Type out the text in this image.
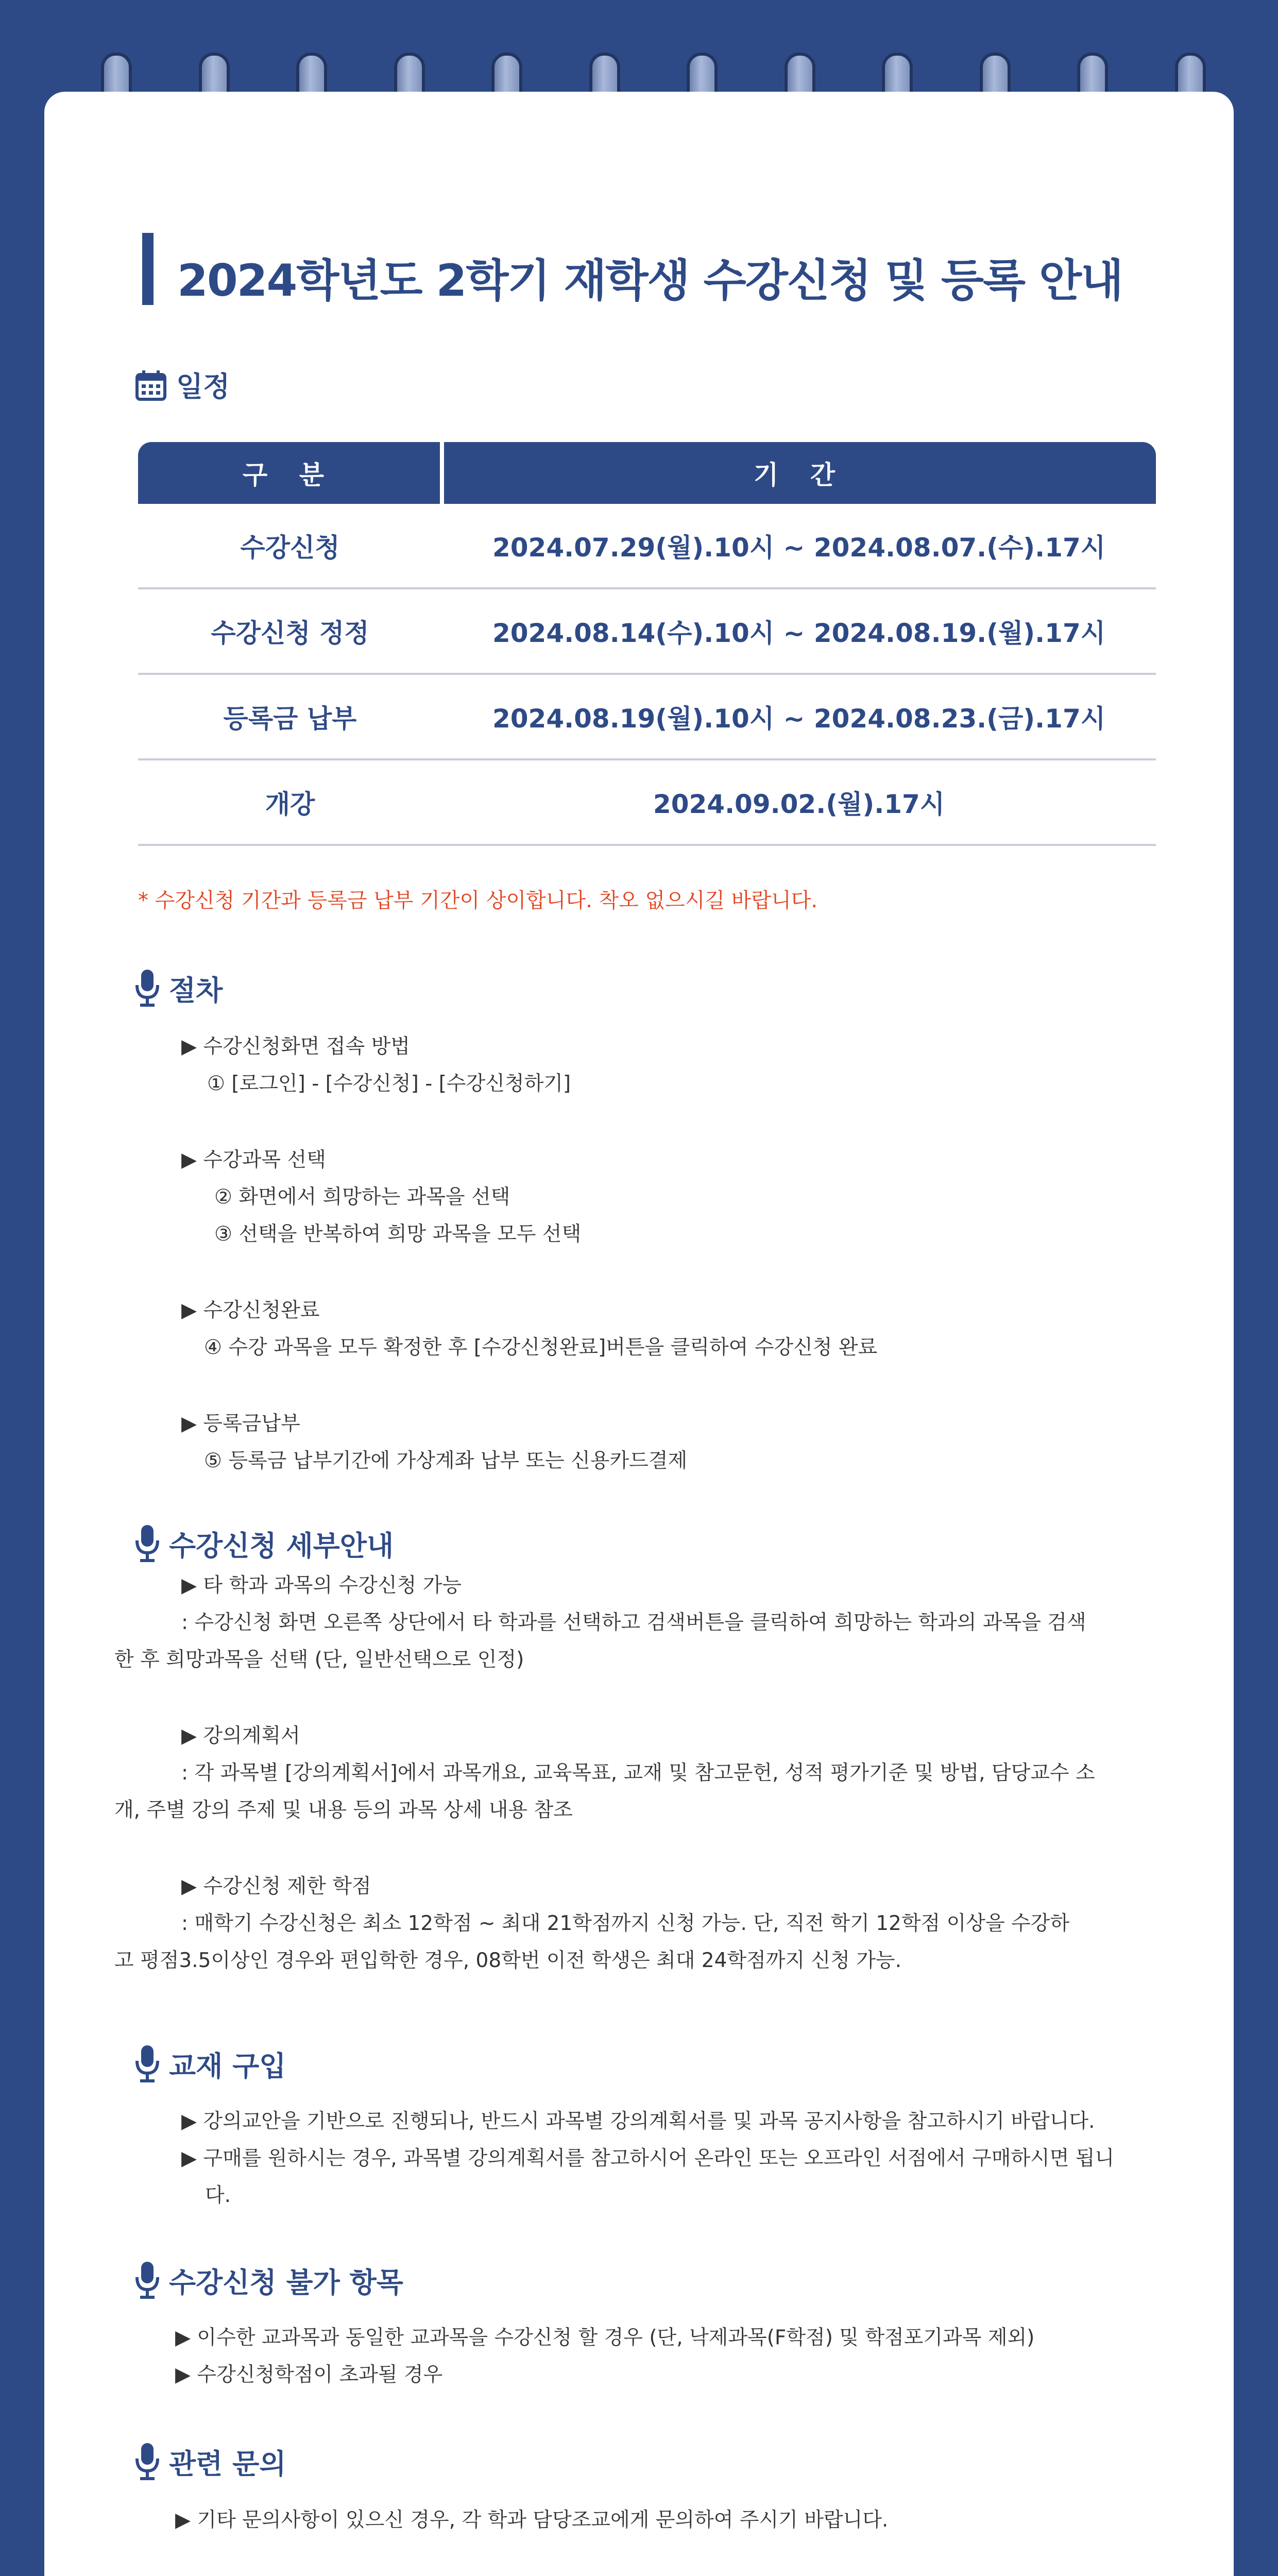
2024학년도 2학기 재학생 수강신청 및 등록 안내
일정
구 분	기 간
수강신청	2024.07.29(월).10시 ~ 2024.08.07.(수).17시
수강신청 정정	2024.08.14(수).10시 ~ 2024.08.19.(월).17시
등록금 납부	2024.08.19(월).10시 ~ 2024.08.23.(금).17시
개강	2024.09.02.(월).17시
* 수강신청 기간과 등록금 납부 기간이 상이합니다. 착오 없으시길 바랍니다.
절차
▶ 수강신청화면 접속 방법
① [로그인] - [수강신청] - [수강신청하기]
▶ 수강과목 선택
② 화면에서 희망하는 과목을 선택
③ 선택을 반복하여 희망 과목을 모두 선택
▶ 수강신청완료
④ 수강 과목을 모두 확정한 후 [수강신청완료]버튼을 클릭하여 수강신청 완료
▶ 등록금납부
⑤ 등록금 납부기간에 가상계좌 납부 또는 신용카드결제
수강신청 세부안내
▶ 타 학과 과목의 수강신청 가능
: 수강신청 화면 오른쪽 상단에서 타 학과를 선택하고 검색버튼을 클릭하여 희망하는 학과의 과목을 검색
한 후 희망과목을 선택 (단, 일반선택으로 인정)
▶ 강의계획서
: 각 과목별 [강의계획서]에서 과목개요, 교육목표, 교재 및 참고문헌, 성적 평가기준 및 방법, 담당교수 소
개, 주별 강의 주제 및 내용 등의 과목 상세 내용 참조
▶ 수강신청 제한 학점
: 매학기 수강신청은 최소 12학점 ~ 최대 21학점까지 신청 가능. 단, 직전 학기 12학점 이상을 수강하
고 평점3.5이상인 경우와 편입학한 경우, 08학번 이전 학생은 최대 24학점까지 신청 가능.
교재 구입
▶ 강의교안을 기반으로 진행되나, 반드시 과목별 강의계획서를 및 과목 공지사항을 참고하시기 바랍니다.
▶ 구매를 원하시는 경우, 과목별 강의계획서를 참고하시어 온라인 또는 오프라인 서점에서 구매하시면 됩니
다.
수강신청 불가 항목
▶ 이수한 교과목과 동일한 교과목을 수강신청 할 경우 (단, 낙제과목(F학점) 및 학점포기과목 제외)
▶ 수강신청학점이 초과될 경우
관련 문의
▶ 기타 문의사항이 있으신 경우, 각 학과 담당조교에게 문의하여 주시기 바랍니다.
